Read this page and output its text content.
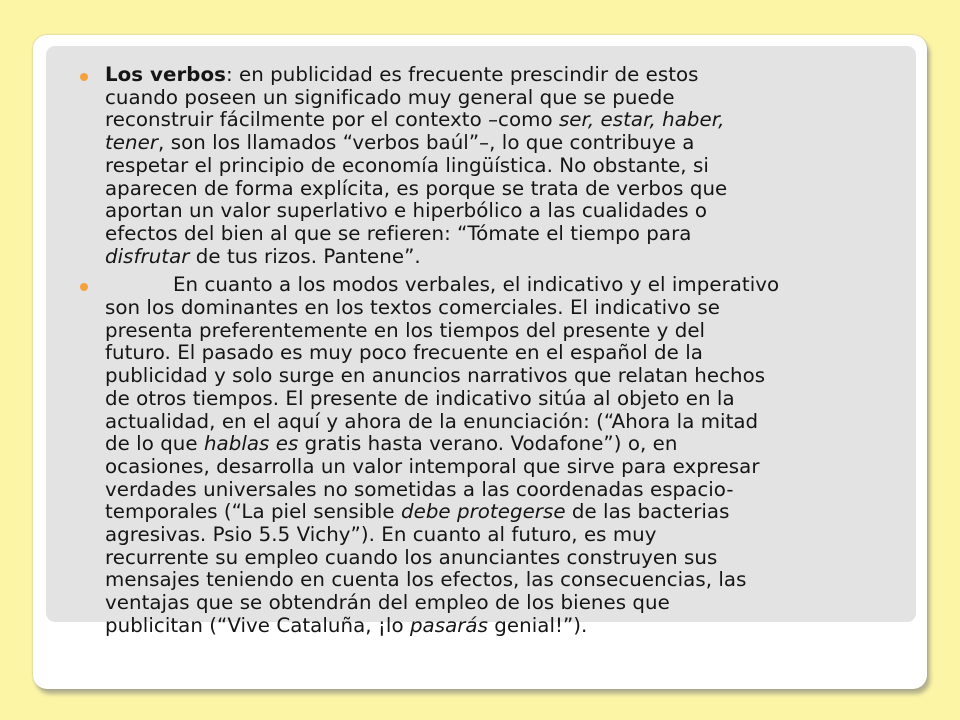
Los verbos: en publicidad es frecuente prescindir de estos
cuando poseen un significado muy general que se puede
reconstruir fácilmente por el contexto –como ser, estar, haber,
tener, son los llamados “verbos baúl”–, lo que contribuye a
respetar el principio de economía lingüística. No obstante, si
aparecen de forma explícita, es porque se trata de verbos que
aportan un valor superlativo e hiperbólico a las cualidades o
efectos del bien al que se refieren: “Tómate el tiempo para
disfrutar de tus rizos. Pantene”.
En cuanto a los modos verbales, el indicativo y el imperativo
son los dominantes en los textos comerciales. El indicativo se
presenta preferentemente en los tiempos del presente y del
futuro. El pasado es muy poco frecuente en el español de la
publicidad y solo surge en anuncios narrativos que relatan hechos
de otros tiempos. El presente de indicativo sitúa al objeto en la
actualidad, en el aquí y ahora de la enunciación: (“Ahora la mitad
de lo que hablas es gratis hasta verano. Vodafone”) o, en
ocasiones, desarrolla un valor intemporal que sirve para expresar
verdades universales no sometidas a las coordenadas espacio-
temporales (“La piel sensible debe protegerse de las bacterias
agresivas. Psio 5.5 Vichy”). En cuanto al futuro, es muy
recurrente su empleo cuando los anunciantes construyen sus
mensajes teniendo en cuenta los efectos, las consecuencias, las
ventajas que se obtendrán del empleo de los bienes que
publicitan (“Vive Cataluña, ¡lo pasarás genial!”).
